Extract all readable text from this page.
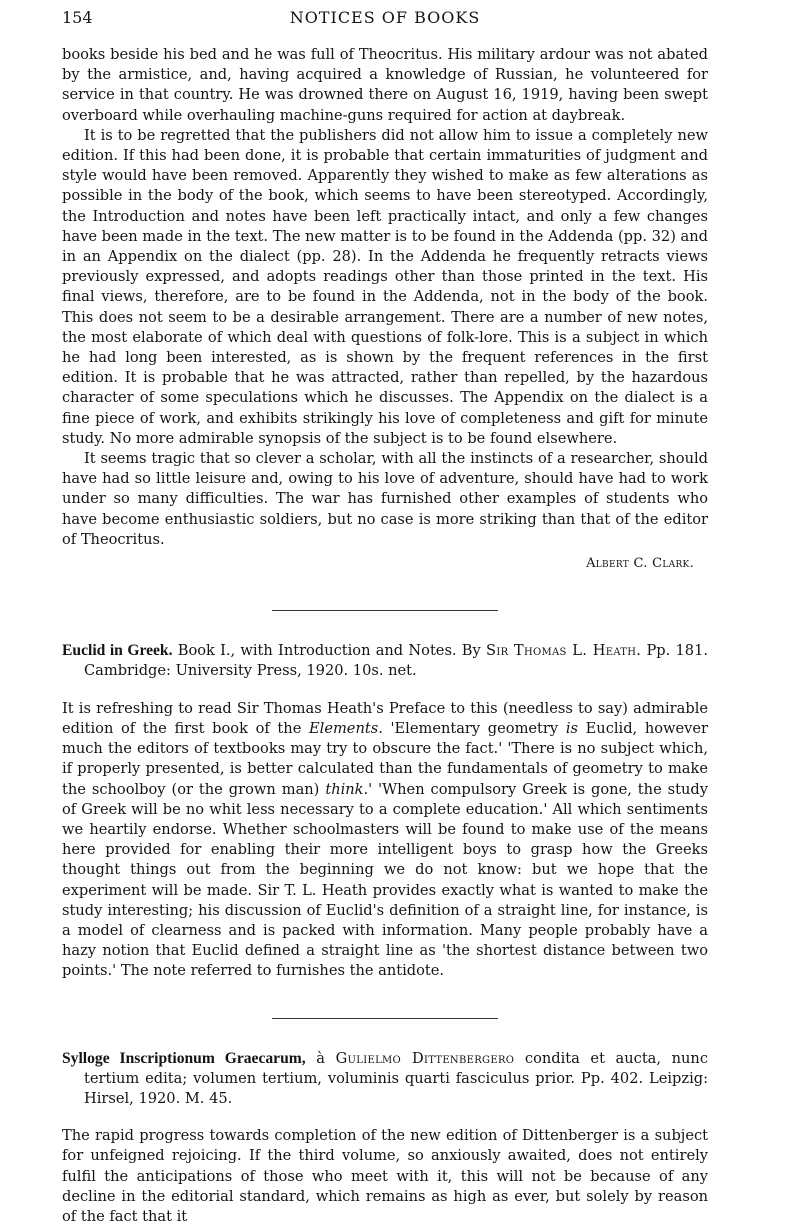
154	NOTICES OF BOOKS

books beside his bed and he was full of Theocritus. His military ardour was not abated by the armistice, and, having acquired a knowledge of Russian, he volunteered for service in that country. He was drowned there on August 16, 1919, having been swept overboard while overhauling machine-guns required for action at daybreak.

It is to be regretted that the publishers did not allow him to issue a completely new edition. If this had been done, it is probable that certain immaturities of judgment and style would have been removed. Apparently they wished to make as few alterations as possible in the body of the book, which seems to have been stereotyped. Accordingly, the Introduction and notes have been left practically intact, and only a few changes have been made in the text. The new matter is to be found in the Addenda (pp. 32) and in an Appendix on the dialect (pp. 28). In the Addenda he frequently retracts views previously expressed, and adopts readings other than those printed in the text. His final views, therefore, are to be found in the Addenda, not in the body of the book. This does not seem to be a desirable arrangement. There are a number of new notes, the most elaborate of which deal with questions of folk-lore. This is a subject in which he had long been interested, as is shown by the frequent references in the first edition. It is probable that he was attracted, rather than repelled, by the hazardous character of some speculations which he discusses. The Appendix on the dialect is a fine piece of work, and exhibits strikingly his love of completeness and gift for minute study. No more admirable synopsis of the subject is to be found elsewhere.

It seems tragic that so clever a scholar, with all the instincts of a researcher, should have had so little leisure and, owing to his love of adventure, should have had to work under so many difficulties. The war has furnished other examples of students who have become enthusiastic soldiers, but no case is more striking than that of the editor of Theocritus.

Albert C. Clark.

Euclid in Greek. Book I., with Introduction and Notes. By Sir Thomas L. Heath. Pp. 181. Cambridge: University Press, 1920. 10s. net.

It is refreshing to read Sir Thomas Heath's Preface to this (needless to say) admirable edition of the first book of the Elements. 'Elementary geometry is Euclid, however much the editors of textbooks may try to obscure the fact.' 'There is no subject which, if properly presented, is better calculated than the fundamentals of geometry to make the schoolboy (or the grown man) think.' 'When compulsory Greek is gone, the study of Greek will be no whit less necessary to a complete education.' All which sentiments we heartily endorse. Whether schoolmasters will be found to make use of the means here provided for enabling their more intelligent boys to grasp how the Greeks thought things out from the beginning we do not know: but we hope that the experiment will be made. Sir T. L. Heath provides exactly what is wanted to make the study interesting; his discussion of Euclid's definition of a straight line, for instance, is a model of clearness and is packed with information. Many people probably have a hazy notion that Euclid defined a straight line as 'the shortest distance between two points.' The note referred to furnishes the antidote.

Sylloge Inscriptionum Graecarum, à Gulielmo Dittenbergero condita et aucta, nunc tertium edita; volumen tertium, voluminis quarti fasciculus prior. Pp. 402. Leipzig: Hirsel, 1920. M. 45.

The rapid progress towards completion of the new edition of Dittenberger is a subject for unfeigned rejoicing. If the third volume, so anxiously awaited, does not entirely fulfil the anticipations of those who meet with it, this will not be because of any decline in the editorial standard, which remains as high as ever, but solely by reason of the fact that it
